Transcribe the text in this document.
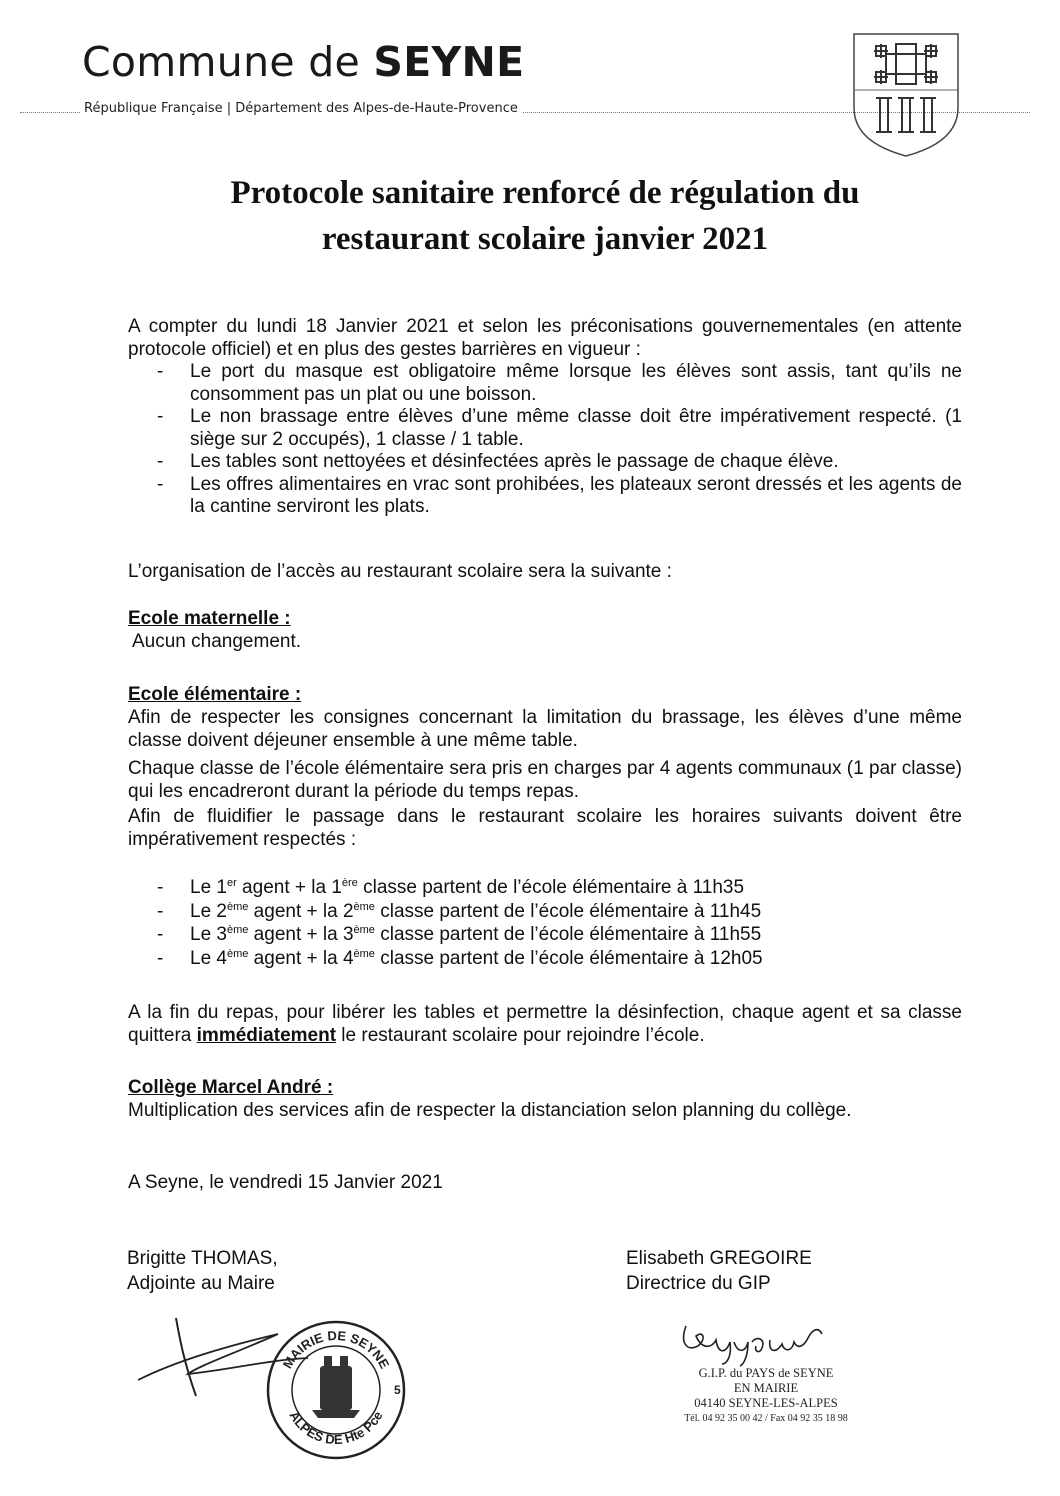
Commune de SEYNE
République Française | Département des Alpes-de-Haute-Provence
Protocole sanitaire renforcé de régulation du
restaurant scolaire janvier 2021
A compter du lundi 18 Janvier 2021 et selon les préconisations gouvernementales (en attente protocole officiel) et en plus des gestes barrières en vigueur :
- Le port du masque est obligatoire même lorsque les élèves sont assis, tant qu’ils ne consomment pas un plat ou une boisson.
- Le non brassage entre élèves d’une même classe doit être impérativement respecté. (1 siège sur 2 occupés), 1 classe / 1 table.
- Les tables sont nettoyées et désinfectées après le passage de chaque élève.
- Les offres alimentaires en vrac sont prohibées, les plateaux seront dressés et les agents de la cantine serviront les plats.
L’organisation de l’accès au restaurant scolaire sera la suivante :
Ecole maternelle :
Aucun changement.
Ecole élémentaire :
Afin de respecter les consignes concernant la limitation du brassage, les élèves d’une même classe doivent déjeuner ensemble à une même table.
Chaque classe de l’école élémentaire sera pris en charges par 4 agents communaux (1 par classe) qui les encadreront durant la période du temps repas.
Afin de fluidifier le passage dans le restaurant scolaire les horaires suivants doivent être impérativement respectés :
- Le 1er agent + la 1ère classe partent de l’école élémentaire à 11h35
- Le 2ème agent + la 2ème classe partent de l’école élémentaire à 11h45
- Le 3ème agent + la 3ème classe partent de l’école élémentaire à 11h55
- Le 4ème agent + la 4ème classe partent de l’école élémentaire à 12h05
A la fin du repas, pour libérer les tables et permettre la désinfection, chaque agent et sa classe quittera immédiatement le restaurant scolaire pour rejoindre l’école.
Collège Marcel André :
Multiplication des services afin de respecter la distanciation selon planning du collège.
A Seyne, le vendredi 15 Janvier 2021
Brigitte THOMAS,
Adjointe au Maire
Elisabeth GREGOIRE
Directrice du GIP
MAIRIE DE SEYNE
ALPES DE Hte Pce
5
G.I.P. du PAYS de SEYNE
EN MAIRIE
04140 SEYNE-LES-ALPES
Tél. 04 92 35 00 42 / Fax 04 92 35 18 98
